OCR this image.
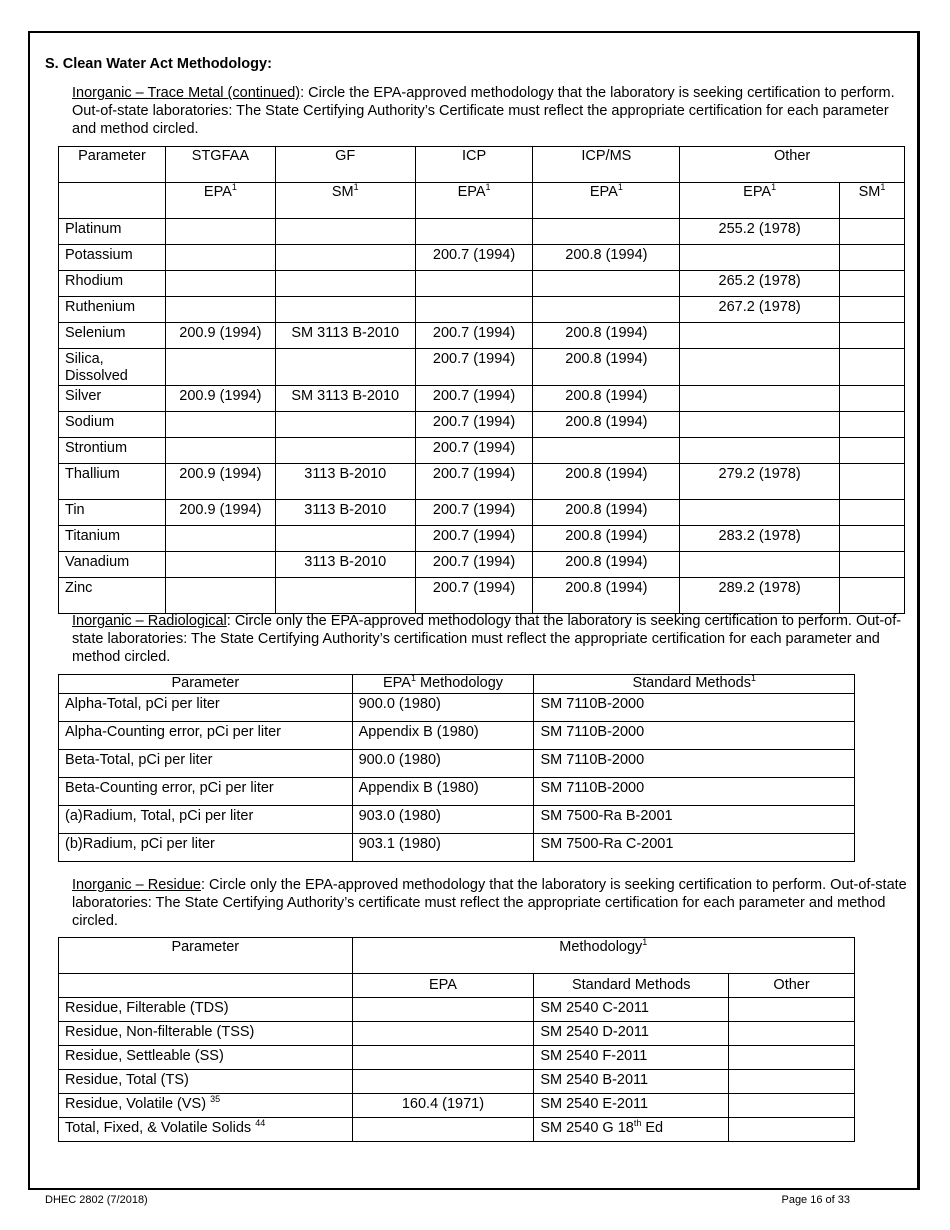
S. Clean Water Act Methodology:
Inorganic – Trace Metal (continued): Circle the EPA-approved methodology that the laboratory is seeking certification to perform. Out-of-state laboratories: The State Certifying Authority’s Certificate must reflect the appropriate certification for each parameter and method circled.
Parameter	STGFAA	GF	ICP	ICP/MS	Other	
	EPA$^1$	$SM^1$	EPA$^1$	EPA$^1$	EPA$^1$	$SM^1$
Platinum					255.2 (1978)	
Potassium			200.7 (1994)	200.8 (1994)		
Rhodium					265.2 (1978)	
Ruthenium					267.2 (1978)	
Selenium	200.9 (1994)	SM 3113 B-2010	200.7 (1994)	200.8 (1994)		
Silica, Dissolved			200.7 (1994)	200.8 (1994)		
Silver	200.9 (1994)	SM 3113 B-2010	200.7 (1994)	200.8 (1994)		
Sodium			200.7 (1994)	200.8 (1994)		
Strontium			200.7 (1994)			
Thallium	200.9 (1994)	3113 B-2010	200.7 (1994)	200.8 (1994)	279.2 (1978)	
Tin	200.9 (1994)	3113 B-2010	200.7 (1994)	200.8 (1994)		
Titanium			200.7 (1994)	200.8 (1994)	283.2 (1978)	
Vanadium		3113 B-2010	200.7 (1994)	200.8 (1994)		
Zinc			200.7 (1994)	200.8 (1994)	289.2 (1978)	
Inorganic – Radiological: Circle only the EPA-approved methodology that the laboratory is seeking certification to perform. Out-of-state laboratories: The State Certifying Authority’s certification must reflect the appropriate certification for each parameter and method circled.
Parameter	EPA$^1$ Methodology	Standard Methods$^1$
Alpha-Total, pCi per liter	900.0 (1980)	SM 7110B-2000
Alpha-Counting error, pCi per liter	Appendix B (1980)	SM 7110B-2000
Beta-Total, pCi per liter	900.0 (1980)	SM 7110B-2000
Beta-Counting error, pCi per liter	Appendix B (1980)	SM 7110B-2000
(a)Radium, Total, pCi per liter	903.0 (1980)	SM 7500-Ra B-2001
(b)Radium, pCi per liter	903.1 (1980)	SM 7500-Ra C-2001
Inorganic – Residue: Circle only the EPA-approved methodology that the laboratory is seeking certification to perform. Out-of-state laboratories: The State Certifying Authority’s certificate must reflect the appropriate certification for each parameter and method circled.
Parameter	Methodology$^1$
	EPA	Standard Methods	Other
Residue, Filterable (TDS)		SM 2540 C-2011	
Residue, Non-filterable (TSS)		SM 2540 D-2011	
Residue, Settleable (SS)		SM 2540 F-2011	
Residue, Total (TS)		SM 2540 B-2011	
Residue, Volatile (VS) $^{35}$	160.4 (1971)	SM 2540 E-2011	
Total, Fixed, & Volatile Solids $^{44}$		SM 2540 G 18th Ed	
DHEC 2802 (7/2018)	Page 16 of 33
